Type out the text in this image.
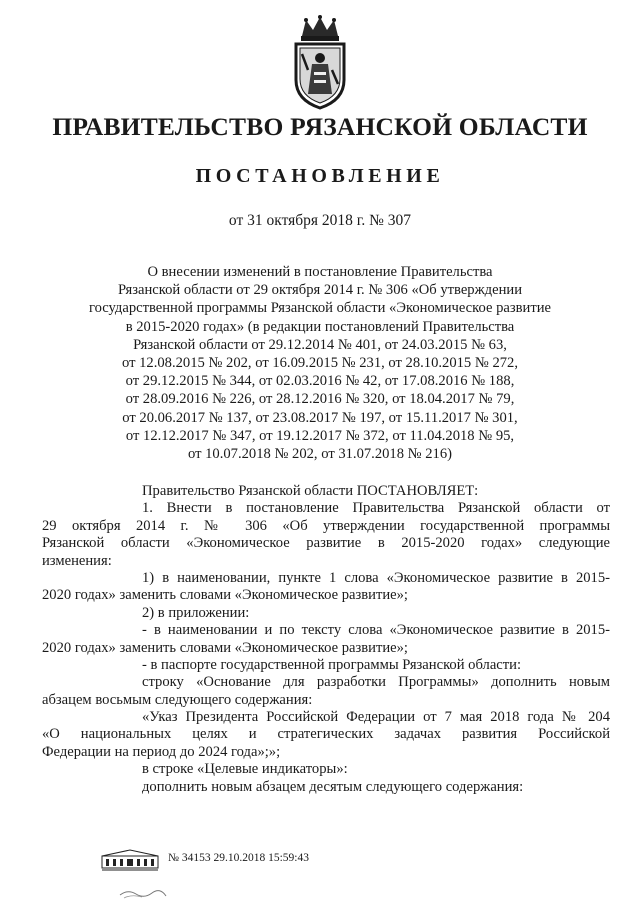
ПРАВИТЕЛЬСТВО РЯЗАНСКОЙ ОБЛАСТИ
ПОСТАНОВЛЕНИЕ
от 31 октября 2018 г. № 307
О внесении изменений в постановление Правительства
Рязанской области от 29 октября 2014 г. № 306 «Об утверждении
государственной программы Рязанской области «Экономическое развитие
в 2015-2020 годах» (в редакции постановлений Правительства
Рязанской области от 29.12.2014 № 401, от 24.03.2015 № 63,
от 12.08.2015 № 202, от 16.09.2015 № 231, от 28.10.2015 № 272,
от 29.12.2015 № 344, от 02.03.2016 № 42, от 17.08.2016 № 188,
от 28.09.2016 № 226, от 28.12.2016 № 320, от 18.04.2017 № 79,
от 20.06.2017 № 137, от 23.08.2017 № 197, от 15.11.2017 № 301,
от 12.12.2017 № 347, от 19.12.2017 № 372, от 11.04.2018 № 95,
от 10.07.2018 № 202, от 31.07.2018 № 216)
Правительство Рязанской области ПОСТАНОВЛЯЕТ:
1. Внести в постановление Правительства Рязанской области от
29 октября 2014 г. № 306 «Об утверждении государственной программы
Рязанской области «Экономическое развитие в 2015-2020 годах» следующие
изменения:
1) в наименовании, пункте 1 слова «Экономическое развитие в 2015-
2020 годах» заменить словами «Экономическое развитие»;
2) в приложении:
- в наименовании и по тексту слова «Экономическое развитие в 2015-
2020 годах» заменить словами «Экономическое развитие»;
- в паспорте государственной программы Рязанской области:
строку «Основание для разработки Программы» дополнить новым
абзацем восьмым следующего содержания:
«Указ Президента Российской Федерации от 7 мая 2018 года № 204
«О национальных целях и стратегических задачах развития Российской
Федерации на период до 2024 года»;»;
в строке «Целевые индикаторы»:
дополнить новым абзацем десятым следующего содержания:
№ 34153 29.10.2018 15:59:43
